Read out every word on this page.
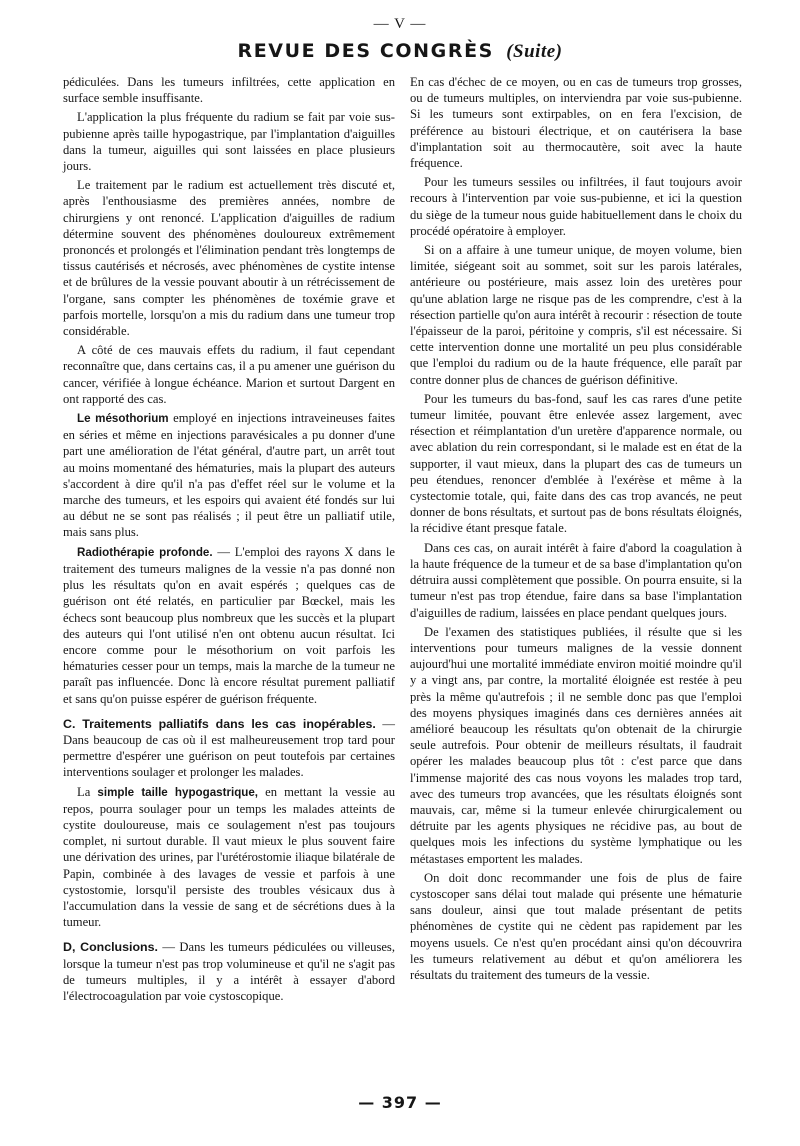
— V —
REVUE DES CONGRÈS (Suite)

pédiculées. Dans les tumeurs infiltrées, cette application en surface semble insuffisante.

L'application la plus fréquente du radium se fait par voie sus-pubienne après taille hypogastrique, par l'implantation d'aiguilles dans la tumeur, aiguilles qui sont laissées en place plusieurs jours.

Le traitement par le radium est actuellement très discuté et, après l'enthousiasme des premières années, nombre de chirurgiens y ont renoncé. L'application d'aiguilles de radium détermine souvent des phénomènes douloureux extrêmement prononcés et prolongés et l'élimination pendant très longtemps de tissus cautérisés et nécrosés, avec phénomènes de cystite intense et de brûlures de la vessie pouvant aboutir à un rétrécissement de l'organe, sans compter les phénomènes de toxémie grave et parfois mortelle, lorsqu'on a mis du radium dans une tumeur trop considérable.

A côté de ces mauvais effets du radium, il faut cependant reconnaître que, dans certains cas, il a pu amener une guérison du cancer, vérifiée à longue échéance. Marion et surtout Dargent en ont rapporté des cas.

Le mésothorium employé en injections intraveineuses faites en séries et même en injections paravésicales a pu donner d'une part une amélioration de l'état général, d'autre part, un arrêt tout au moins momentané des hématuries, mais la plupart des auteurs s'accordent à dire qu'il n'a pas d'effet réel sur le volume et la marche des tumeurs, et les espoirs qui avaient été fondés sur lui au début ne se sont pas réalisés ; il peut être un palliatif utile, mais sans plus.

Radiothérapie profonde. — L'emploi des rayons X dans le traitement des tumeurs malignes de la vessie n'a pas donné non plus les résultats qu'on en avait espérés ; quelques cas de guérison ont été relatés, en particulier par Bœckel, mais les échecs sont beaucoup plus nombreux que les succès et la plupart des auteurs qui l'ont utilisé n'en ont obtenu aucun résultat. Ici encore comme pour le mésothorium on voit parfois les hématuries cesser pour un temps, mais la marche de la tumeur ne paraît pas influencée. Donc là encore résultat purement palliatif et sans qu'on puisse espérer de guérison fréquente.

C. Traitements palliatifs dans les cas inopérables. — Dans beaucoup de cas où il est malheureusement trop tard pour permettre d'espérer une guérison on peut toutefois par certaines interventions soulager et prolonger les malades.

La simple taille hypogastrique, en mettant la vessie au repos, pourra soulager pour un temps les malades atteints de cystite douloureuse, mais ce soulagement n'est pas toujours complet, ni surtout durable. Il vaut mieux le plus souvent faire une dérivation des urines, par l'urétérostomie iliaque bilatérale de Papin, combinée à des lavages de vessie et parfois à une cystostomie, lorsqu'il persiste des troubles vésicaux dus à l'accumulation dans la vessie de sang et de sécrétions dues à la tumeur.

D, Conclusions. — Dans les tumeurs pédiculées ou villeuses, lorsque la tumeur n'est pas trop volumineuse et qu'il ne s'agit pas de tumeurs multiples, il y a intérêt à essayer d'abord l'électrocoagulation par voie cystoscopique.

En cas d'échec de ce moyen, ou en cas de tumeurs trop grosses, ou de tumeurs multiples, on interviendra par voie sus-pubienne. Si les tumeurs sont extirpables, on en fera l'excision, de préférence au bistouri électrique, et on cautérisera la base d'implantation soit au thermocautère, soit avec la haute fréquence.

Pour les tumeurs sessiles ou infiltrées, il faut toujours avoir recours à l'intervention par voie sus-pubienne, et ici la question du siège de la tumeur nous guide habituellement dans le choix du procédé opératoire à employer.

Si on a affaire à une tumeur unique, de moyen volume, bien limitée, siégeant soit au sommet, soit sur les parois latérales, antérieure ou postérieure, mais assez loin des uretères pour qu'une ablation large ne risque pas de les comprendre, c'est à la résection partielle qu'on aura intérêt à recourir : résection de toute l'épaisseur de la paroi, péritoine y compris, s'il est nécessaire. Si cette intervention donne une mortalité un peu plus considérable que l'emploi du radium ou de la haute fréquence, elle paraît par contre donner plus de chances de guérison définitive.

Pour les tumeurs du bas-fond, sauf les cas rares d'une petite tumeur limitée, pouvant être enlevée assez largement, avec résection et réimplantation d'un uretère d'apparence normale, ou avec ablation du rein correspondant, si le malade est en état de la supporter, il vaut mieux, dans la plupart des cas de tumeurs un peu étendues, renoncer d'emblée à l'exérèse et même à la cystectomie totale, qui, faite dans des cas trop avancés, ne peut donner de bons résultats, et surtout pas de bons résultats éloignés, la récidive étant presque fatale.

Dans ces cas, on aurait intérêt à faire d'abord la coagulation à la haute fréquence de la tumeur et de sa base d'implantation qu'on détruira aussi complètement que possible. On pourra ensuite, si la tumeur n'est pas trop étendue, faire dans sa base l'implantation d'aiguilles de radium, laissées en place pendant quelques jours.

De l'examen des statistiques publiées, il résulte que si les interventions pour tumeurs malignes de la vessie donnent aujourd'hui une mortalité immédiate environ moitié moindre qu'il y a vingt ans, par contre, la mortalité éloignée est restée à peu près la même qu'autrefois ; il ne semble donc pas que l'emploi des moyens physiques imaginés dans ces dernières années ait amélioré beaucoup les résultats qu'on obtenait de la chirurgie seule autrefois. Pour obtenir de meilleurs résultats, il faudrait opérer les malades beaucoup plus tôt : c'est parce que dans l'immense majorité des cas nous voyons les malades trop tard, avec des tumeurs trop avancées, que les résultats éloignés sont mauvais, car, même si la tumeur enlevée chirurgicalement ou détruite par les agents physiques ne récidive pas, au bout de quelques mois les infections du système lymphatique ou les métastases emportent les malades.

On doit donc recommander une fois de plus de faire cystoscoper sans délai tout malade qui présente une hématurie sans douleur, ainsi que tout malade présentant de petits phénomènes de cystite qui ne cèdent pas rapidement par les moyens usuels. Ce n'est qu'en procédant ainsi qu'on découvrira les tumeurs relativement au début et qu'on améliorera les résultats du traitement des tumeurs de la vessie.

— 397 —
